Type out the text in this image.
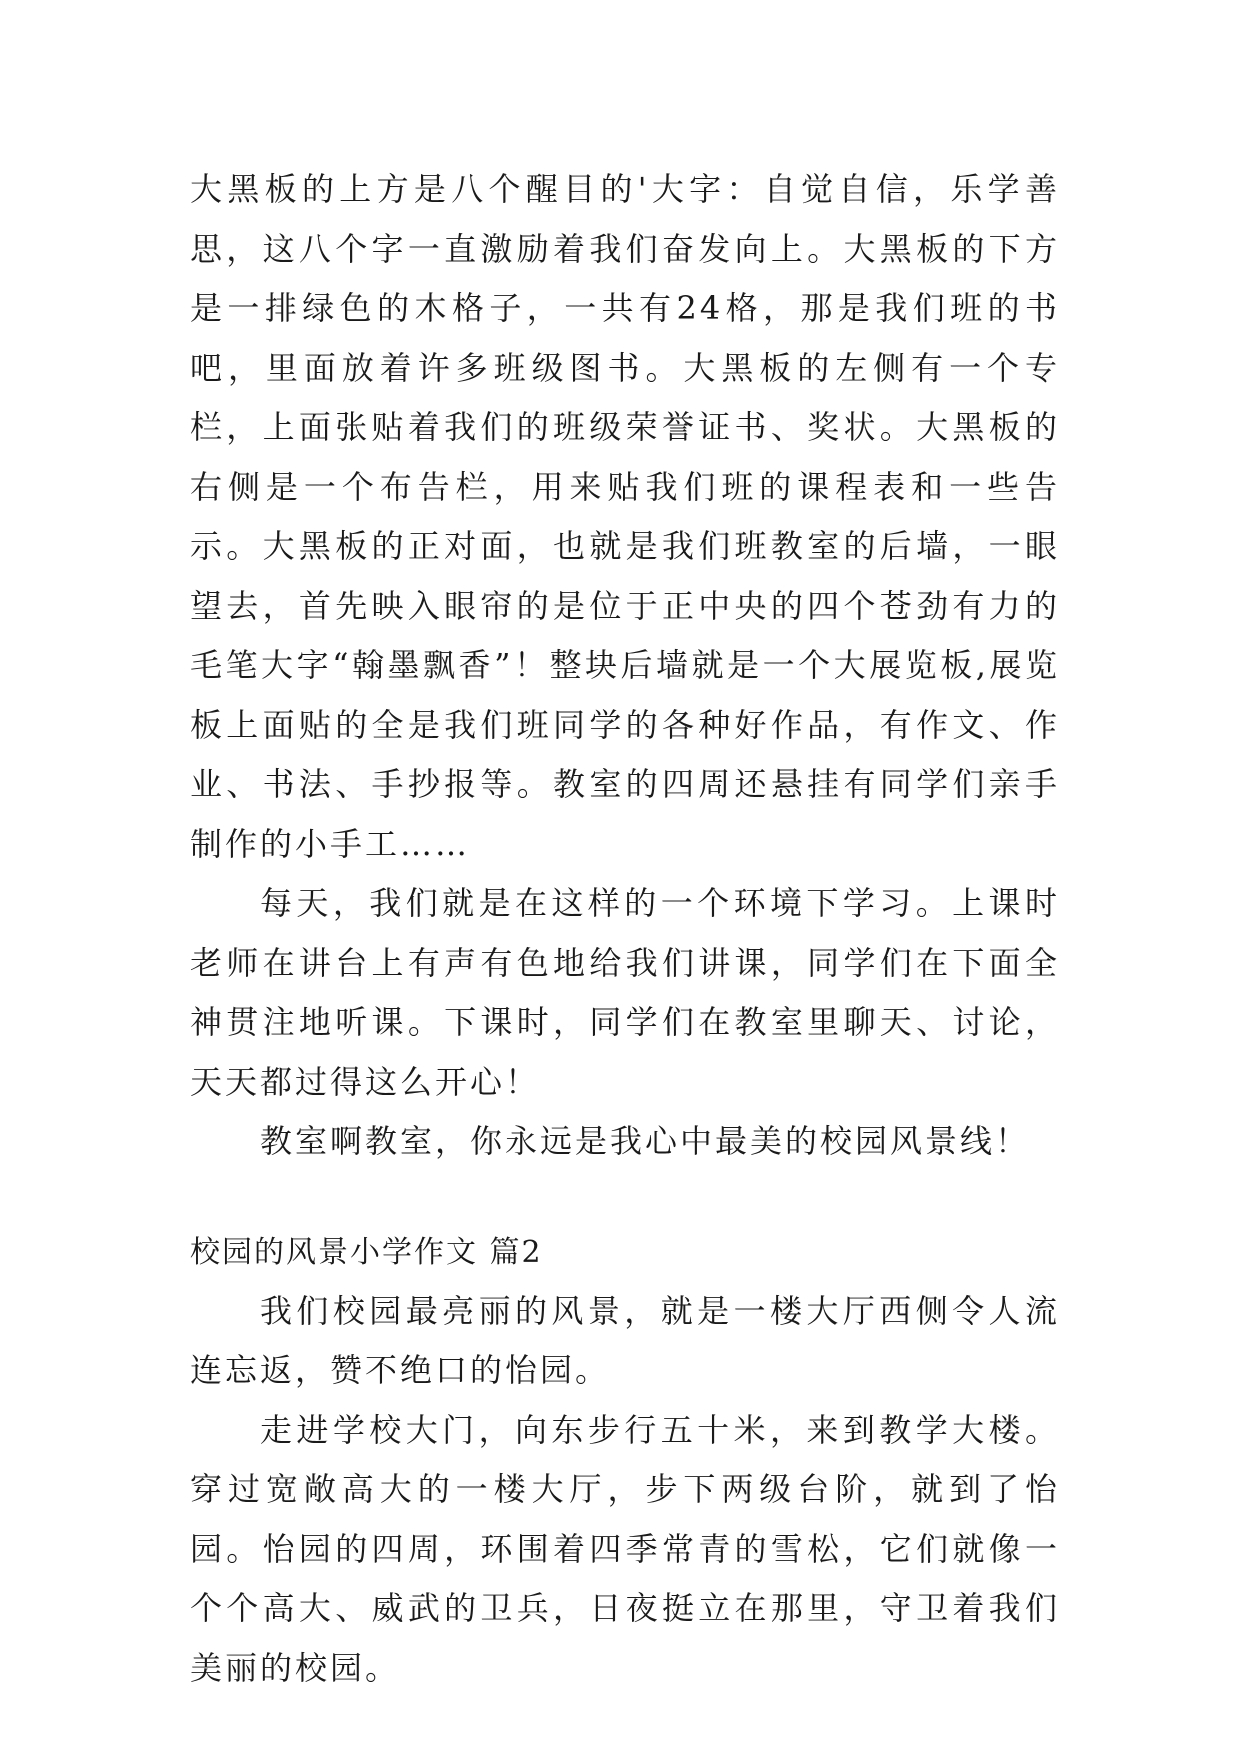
大黑板的上方是八个醒目的'大字：自觉自信，乐学善思，这八个字一直激励着我们奋发向上。大黑板的下方是一排绿色的木格子，一共有24格，那是我们班的书吧，里面放着许多班级图书。大黑板的左侧有一个专栏，上面张贴着我们的班级荣誉证书、奖状。大黑板的右侧是一个布告栏，用来贴我们班的课程表和一些告示。大黑板的正对面，也就是我们班教室的后墙，一眼望去，首先映入眼帘的是位于正中央的四个苍劲有力的毛笔大字“翰墨飘香”！整块后墙就是一个大展览板,展览板上面贴的全是我们班同学的各种好作品，有作文、作业、书法、手抄报等。教室的四周还悬挂有同学们亲手制作的小手工……

每天，我们就是在这样的一个环境下学习。上课时老师在讲台上有声有色地给我们讲课，同学们在下面全神贯注地听课。下课时，同学们在教室里聊天、讨论，天天都过得这么开心！

教室啊教室，你永远是我心中最美的校园风景线！

校园的风景小学作文 篇2

我们校园最亮丽的风景，就是一楼大厅西侧令人流连忘返，赞不绝口的怡园。

走进学校大门，向东步行五十米，来到教学大楼。穿过宽敞高大的一楼大厅，步下两级台阶，就到了怡园。怡园的四周，环围着四季常青的雪松，它们就像一个个高大、威武的卫兵，日夜挺立在那里，守卫着我们美丽的校园。
